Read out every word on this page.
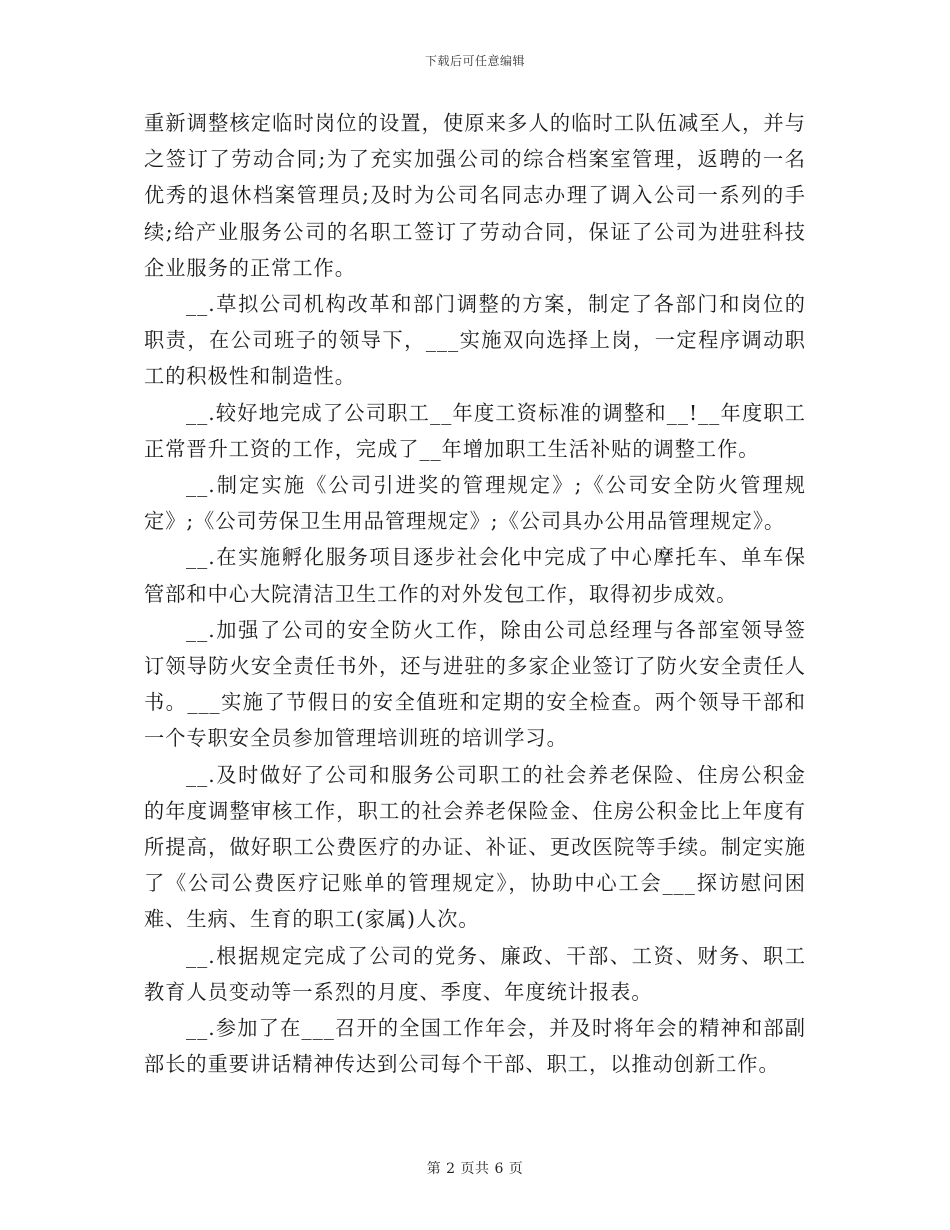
下载后可任意编辑

重新调整核定临时岗位的设置，使原来多人的临时工队伍减至人，并与之签订了劳动合同;为了充实加强公司的综合档案室管理，返聘的一名优秀的退休档案管理员;及时为公司名同志办理了调入公司一系列的手续;给产业服务公司的名职工签订了劳动合同，保证了公司为进驻科技企业服务的正常工作。

__.草拟公司机构改革和部门调整的方案，制定了各部门和岗位的职责，在公司班子的领导下，___实施双向选择上岗，一定程序调动职工的积极性和制造性。

__.较好地完成了公司职工__年度工资标准的调整和__!__年度职工正常晋升工资的工作，完成了__年增加职工生活补贴的调整工作。

__.制定实施《公司引进奖的管理规定》;《公司安全防火管理规定》;《公司劳保卫生用品管理规定》;《公司具办公用品管理规定》。

__.在实施孵化服务项目逐步社会化中完成了中心摩托车、单车保管部和中心大院清洁卫生工作的对外发包工作，取得初步成效。

__.加强了公司的安全防火工作，除由公司总经理与各部室领导签订领导防火安全责任书外，还与进驻的多家企业签订了防火安全责任人书。___实施了节假日的安全值班和定期的安全检查。两个领导干部和一个专职安全员参加管理培训班的培训学习。

__.及时做好了公司和服务公司职工的社会养老保险、住房公积金的年度调整审核工作，职工的社会养老保险金、住房公积金比上年度有所提高，做好职工公费医疗的办证、补证、更改医院等手续。制定实施了《公司公费医疗记账单的管理规定》，协助中心工会___探访慰问困难、生病、生育的职工(家属)人次。

__.根据规定完成了公司的党务、廉政、干部、工资、财务、职工教育人员变动等一系烈的月度、季度、年度统计报表。

__.参加了在___召开的全国工作年会，并及时将年会的精神和部副部长的重要讲话精神传达到公司每个干部、职工，以推动创新工作。

第 2 页共 6 页
